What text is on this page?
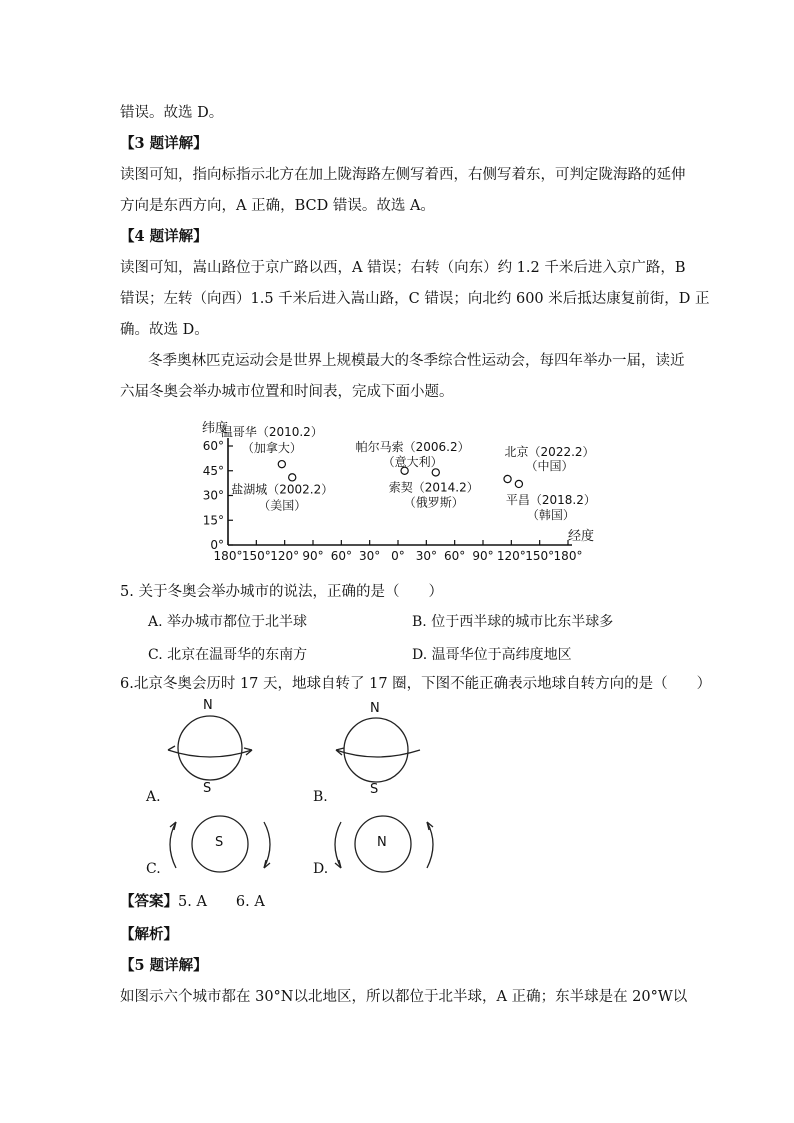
错误。故选 D。
【3 题详解】
读图可知，指向标指示北方在加上陇海路左侧写着西，右侧写着东，可判定陇海路的延伸
方向是东西方向，A 正确，BCD 错误。故选 A。
【4 题详解】
读图可知，嵩山路位于京广路以西，A 错误；右转（向东）约 1.2 千米后进入京广路，B
错误；左转（向西）1.5 千米后进入嵩山路，C 错误；向北约 600 米后抵达康复前街，D 正
确。故选 D。
冬季奥林匹克运动会是世界上规模最大的冬季综合性运动会，每四年举办一届，读近
六届冬奥会举办城市位置和时间表，完成下面小题。
纬度
经度
60°
45°
30°
15°
0°
180° 150° 120° 90° 60° 30° 0° 30° 60° 90° 120° 150° 180°
温哥华（2010.2）
（加拿大）
盐湖城（2002.2）
（美国）
帕尔马索（2006.2）
（意大利）
索契（2014.2）
（俄罗斯）
北京（2022.2）
（中国）
平昌（2018.2）
（韩国）
5. 关于冬奥会举办城市的说法，正确的是（　　）
A. 举办城市都位于北半球	B. 位于西半球的城市比东半球多
C. 北京在温哥华的东南方	D. 温哥华位于高纬度地区
6.北京冬奥会历时 17 天，地球自转了 17 圈，下图不能正确表示地球自转方向的是（　　）
N
S
A.
N
S
B.
S
C.
N
D.
【答案】5. A　　6. A
【解析】
【5 题详解】
如图示六个城市都在 30°N以北地区，所以都位于北半球，A 正确；东半球是在 20°W以
